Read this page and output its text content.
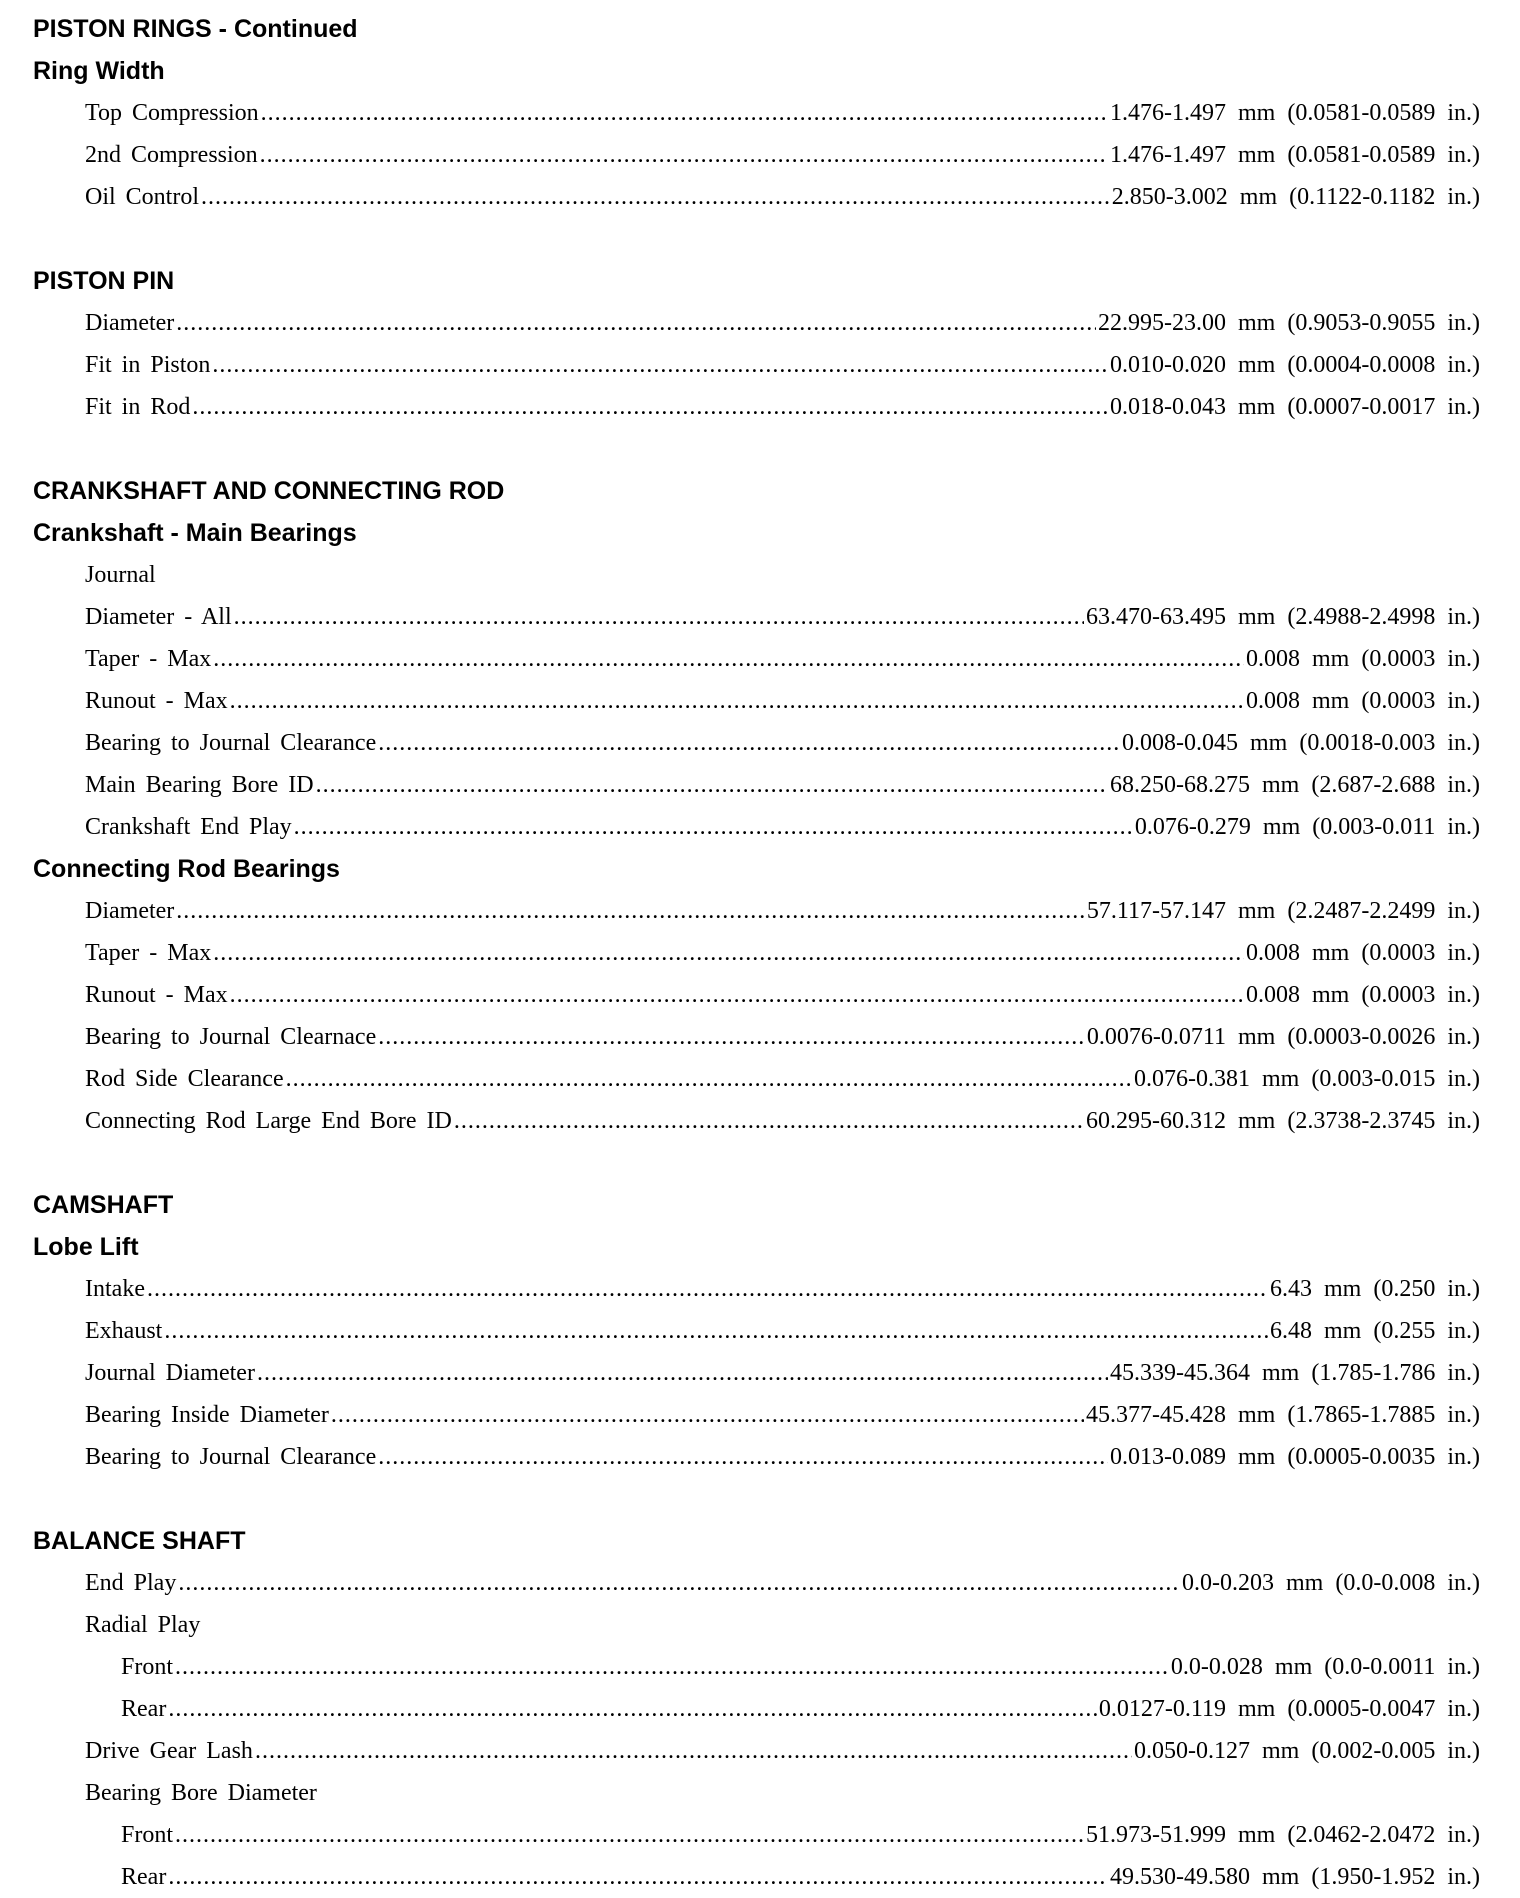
PISTON RINGS - Continued
Ring Width
Top Compression .....	1.476-1.497 mm (0.0581-0.0589 in.)
2nd Compression .....	1.476-1.497 mm (0.0581-0.0589 in.)
Oil Control .....	2.850-3.002 mm (0.1122-0.1182 in.)
PISTON PIN
Diameter .....	22.995-23.00 mm (0.9053-0.9055 in.)
Fit in Piston .....	0.010-0.020 mm (0.0004-0.0008 in.)
Fit in Rod .....	0.018-0.043 mm (0.0007-0.0017 in.)
CRANKSHAFT AND CONNECTING ROD
Crankshaft - Main Bearings
Journal
Diameter - All .....	63.470-63.495 mm (2.4988-2.4998 in.)
Taper - Max .....	0.008 mm (0.0003 in.)
Runout - Max .....	0.008 mm (0.0003 in.)
Bearing to Journal Clearance .....	0.008-0.045 mm (0.0018-0.003 in.)
Main Bearing Bore ID .....	68.250-68.275 mm (2.687-2.688 in.)
Crankshaft End Play .....	0.076-0.279 mm (0.003-0.011 in.)
Connecting Rod Bearings
Diameter .....	57.117-57.147 mm (2.2487-2.2499 in.)
Taper - Max .....	0.008 mm (0.0003 in.)
Runout - Max .....	0.008 mm (0.0003 in.)
Bearing to Journal Clearnace .....	0.0076-0.0711 mm (0.0003-0.0026 in.)
Rod Side Clearance .....	0.076-0.381 mm (0.003-0.015 in.)
Connecting Rod Large End Bore ID .....	60.295-60.312 mm (2.3738-2.3745 in.)
CAMSHAFT
Lobe Lift
Intake .....	6.43 mm (0.250 in.)
Exhaust .....	6.48 mm (0.255 in.)
Journal Diameter .....	45.339-45.364 mm (1.785-1.786 in.)
Bearing Inside Diameter .....	45.377-45.428 mm (1.7865-1.7885 in.)
Bearing to Journal Clearance .....	0.013-0.089 mm (0.0005-0.0035 in.)
BALANCE SHAFT
End Play .....	0.0-0.203 mm (0.0-0.008 in.)
Radial Play
Front .....	0.0-0.028 mm (0.0-0.0011 in.)
Rear .....	0.0127-0.119 mm (0.0005-0.0047 in.)
Drive Gear Lash .....	0.050-0.127 mm (0.002-0.005 in.)
Bearing Bore Diameter
Front .....	51.973-51.999 mm (2.0462-2.0472 in.)
Rear .....	49.530-49.580 mm (1.950-1.952 in.)
